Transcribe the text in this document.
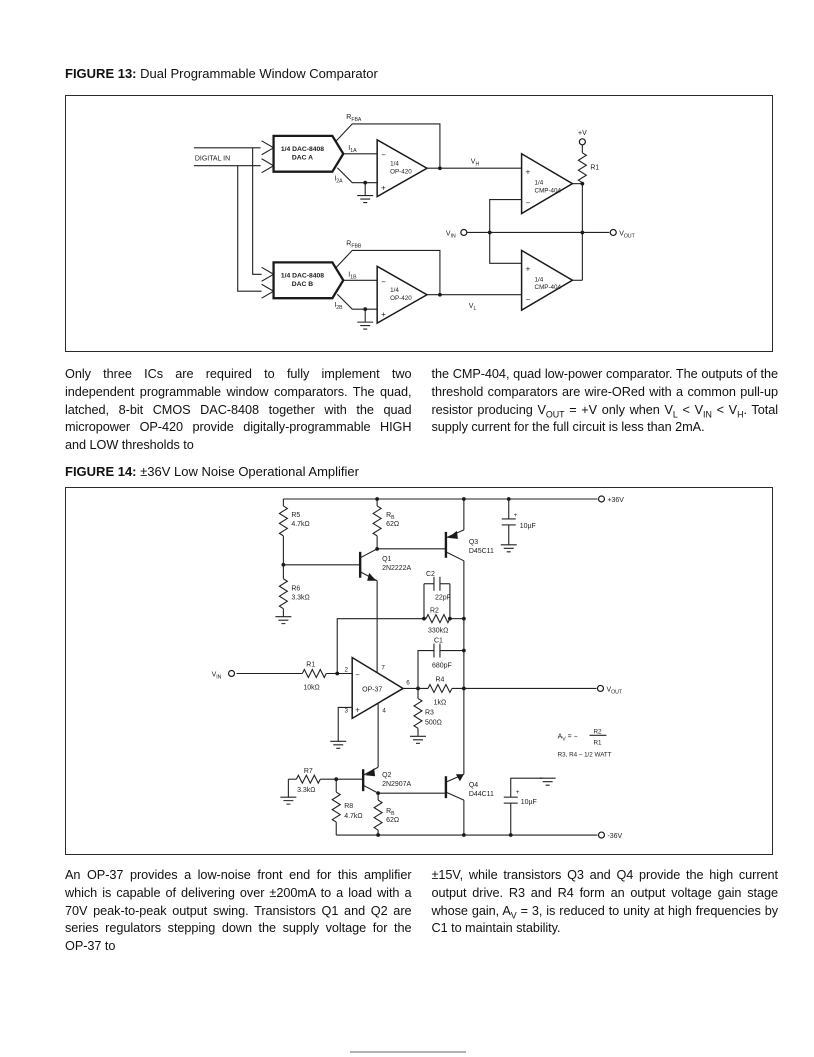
FIGURE 13: Dual Programmable Window Comparator
DIGITAL IN
$R_{FBA}$
$I_{1A}$
$I_{2A}$
1/4 DAC-8408
DAC A	−
+
1/4
OP-420
$V_H$
+
1/4
CMP-404
−
+V
R1
$V_{IN}$	$V_{OUT}$
$R_{FBB}$
$I_{1B}$
$I_{2B}$
1/4 DAC-8408
DAC B	−
+
1/4
OP-420
$V_L$
+
1/4
CMP-404
−

Only three ICs are required to fully implement two independent programmable window comparators. The quad, latched, 8-bit CMOS DAC-8408 together with the quad micropower OP-420 provide digitally-programmable HIGH and LOW thresholds to

the CMP-404, quad low-power comparator. The outputs of the threshold comparators are wire-ORed with a common pull-up resistor producing $V_{OUT} = +V$ only when $V_L < V_{IN} < V_H$. Total supply current for the full circuit is less than 2mA.

FIGURE 14: ±36V Low Noise Operational Amplifier
+36V
-36V
R5
4.7kΩ
R6
3.3kΩ
$R_B$
62Ω
Q1
2N2222A
Q3
D45C11
+
10µF
C2
22pF
R2
330kΩ
C1
680pF
R1
10kΩ
$V_{IN}$
2
3
7
4
6
−
+
OP-37
R4
1kΩ
R3
500Ω
$V_{OUT}$
$A_V$ = −
R2
R1
R3, R4 – 1/2 WATT
Q2
2N2907A
R7
3.3kΩ
R8
4.7kΩ
$R_B$
62Ω
Q4
D44C11	+
10µF

An OP-37 provides a low-noise front end for this amplifier which is capable of delivering over ±200mA to a load with a 70V peak-to-peak output swing. Transistors Q1 and Q2 are series regulators stepping down the supply voltage for the OP-37 to

±15V, while transistors Q3 and Q4 provide the high current output drive. R3 and R4 form an output voltage gain stage whose gain, $A_V = 3$, is reduced to unity at high frequencies by C1 to maintain stability.
